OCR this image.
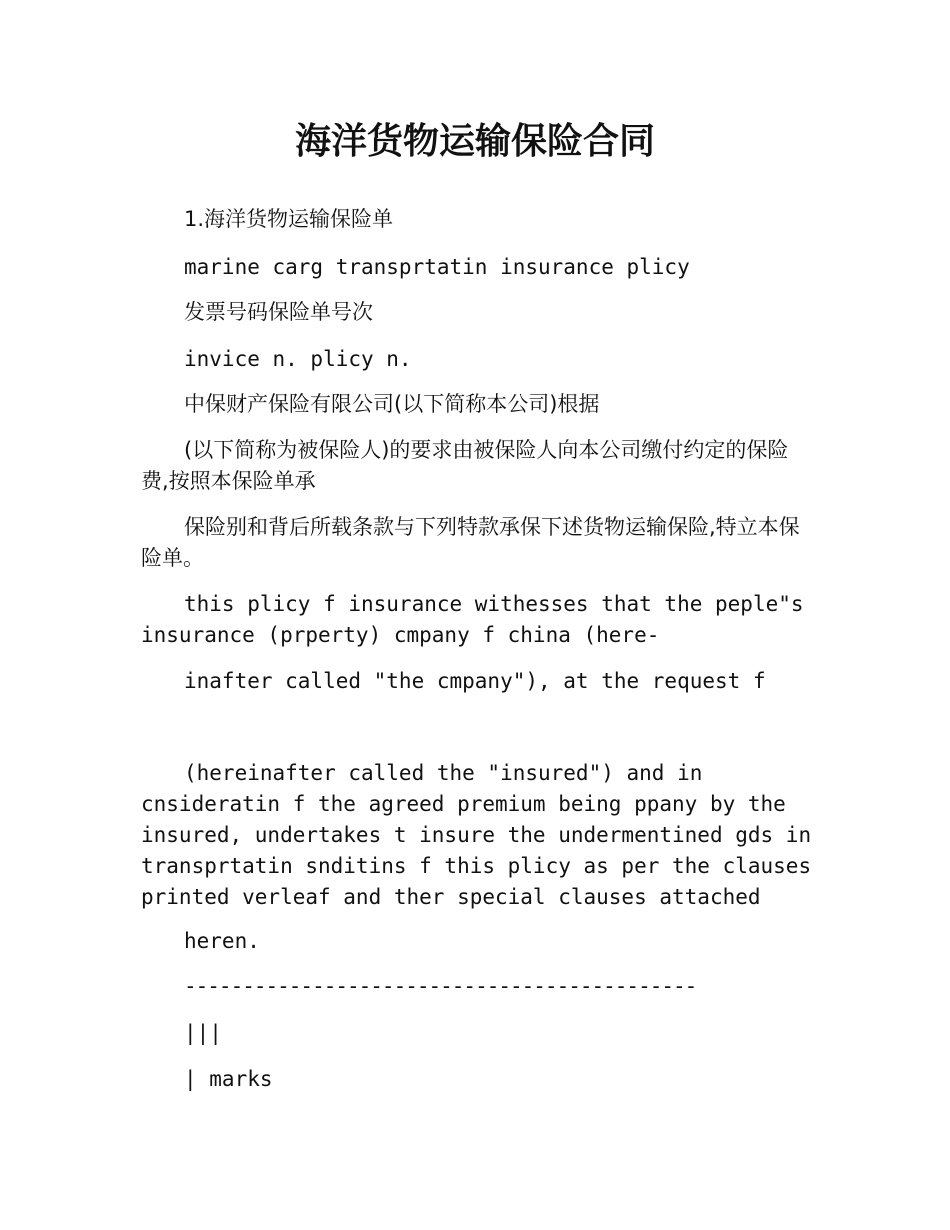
海洋货物运输保险合同

1.海洋货物运输保险单

marine carg transprtatin insurance plicy

发票号码保险单号次

invice n. plicy n.

中保财产保险有限公司(以下简称本公司)根据

(以下简称为被保险人)的要求由被保险人向本公司缴付约定的保险费,按照本保险单承

保险别和背后所载条款与下列特款承保下述货物运输保险,特立本保险单。

this plicy f insurance withesses that the peple"s insurance (prperty) cmpany f china (here-

inafter called "the cmpany"), at the request f

(hereinafter called the "insured") and in cnsideratin f the agreed premium being ppany by the insured, undertakes t insure the undermentined gds in transprtatin snditins f this plicy as per the clauses printed verleaf and ther special clauses attached

heren.

--------------------------------------------

|||

| marks
